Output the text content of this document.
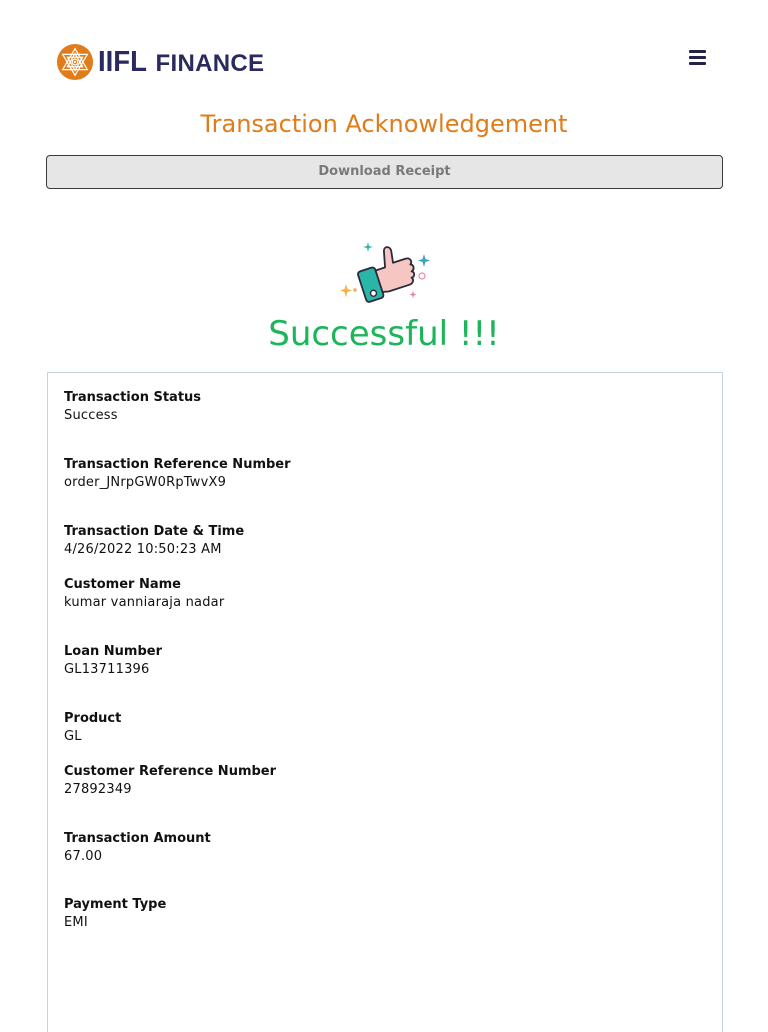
IIFL FINANCE
Transaction Acknowledgement
Download Receipt
Successful !!!
Transaction Status
Success
Transaction Reference Number
order_JNrpGW0RpTwvX9
Transaction Date & Time
4/26/2022 10:50:23 AM
Customer Name
kumar vanniaraja nadar
Loan Number
GL13711396
Product
GL
Customer Reference Number
27892349
Transaction Amount
67.00
Payment Type
EMI
